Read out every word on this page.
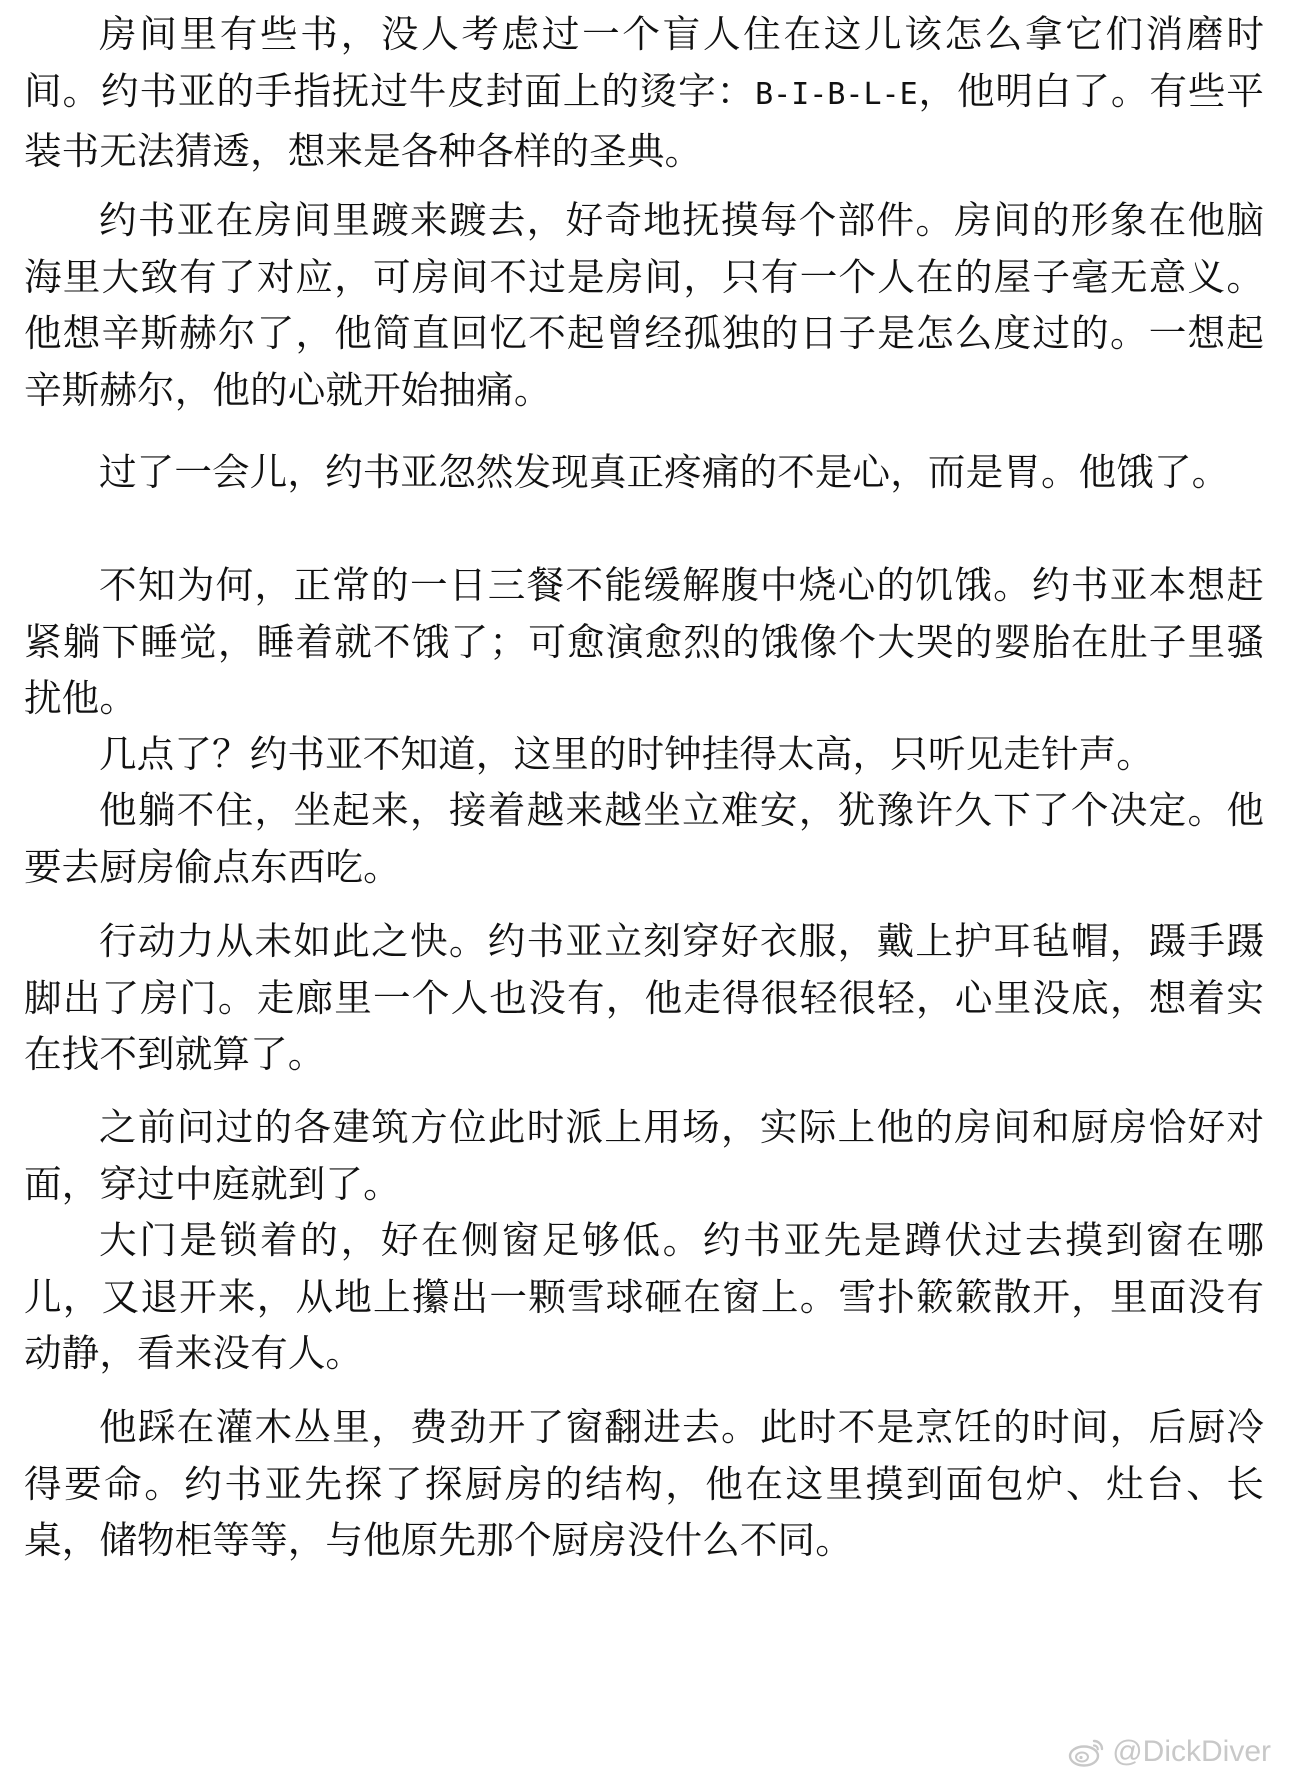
房间里有些书，没人考虑过一个盲人住在这儿该怎么拿它们消磨时间。约书亚的手指抚过牛皮封面上的烫字：B-I-B-L-E，他明白了。有些平装书无法猜透，想来是各种各样的圣典。

约书亚在房间里踱来踱去，好奇地抚摸每个部件。房间的形象在他脑海里大致有了对应，可房间不过是房间，只有一个人在的屋子毫无意义。他想辛斯赫尔了，他简直回忆不起曾经孤独的日子是怎么度过的。一想起辛斯赫尔，他的心就开始抽痛。

过了一会儿，约书亚忽然发现真正疼痛的不是心，而是胃。他饿了。

不知为何，正常的一日三餐不能缓解腹中烧心的饥饿。约书亚本想赶紧躺下睡觉，睡着就不饿了；可愈演愈烈的饿像个大哭的婴胎在肚子里骚扰他。

几点了？约书亚不知道，这里的时钟挂得太高，只听见走针声。

他躺不住，坐起来，接着越来越坐立难安，犹豫许久下了个决定。他要去厨房偷点东西吃。

行动力从未如此之快。约书亚立刻穿好衣服，戴上护耳毡帽，蹑手蹑脚出了房门。走廊里一个人也没有，他走得很轻很轻，心里没底，想着实在找不到就算了。

之前问过的各建筑方位此时派上用场，实际上他的房间和厨房恰好对面，穿过中庭就到了。

大门是锁着的，好在侧窗足够低。约书亚先是蹲伏过去摸到窗在哪儿，又退开来，从地上攥出一颗雪球砸在窗上。雪扑簌簌散开，里面没有动静，看来没有人。

他踩在灌木丛里，费劲开了窗翻进去。此时不是烹饪的时间，后厨冷得要命。约书亚先探了探厨房的结构，他在这里摸到面包炉、灶台、长桌，储物柜等等，与他原先那个厨房没什么不同。

@DickDiver
